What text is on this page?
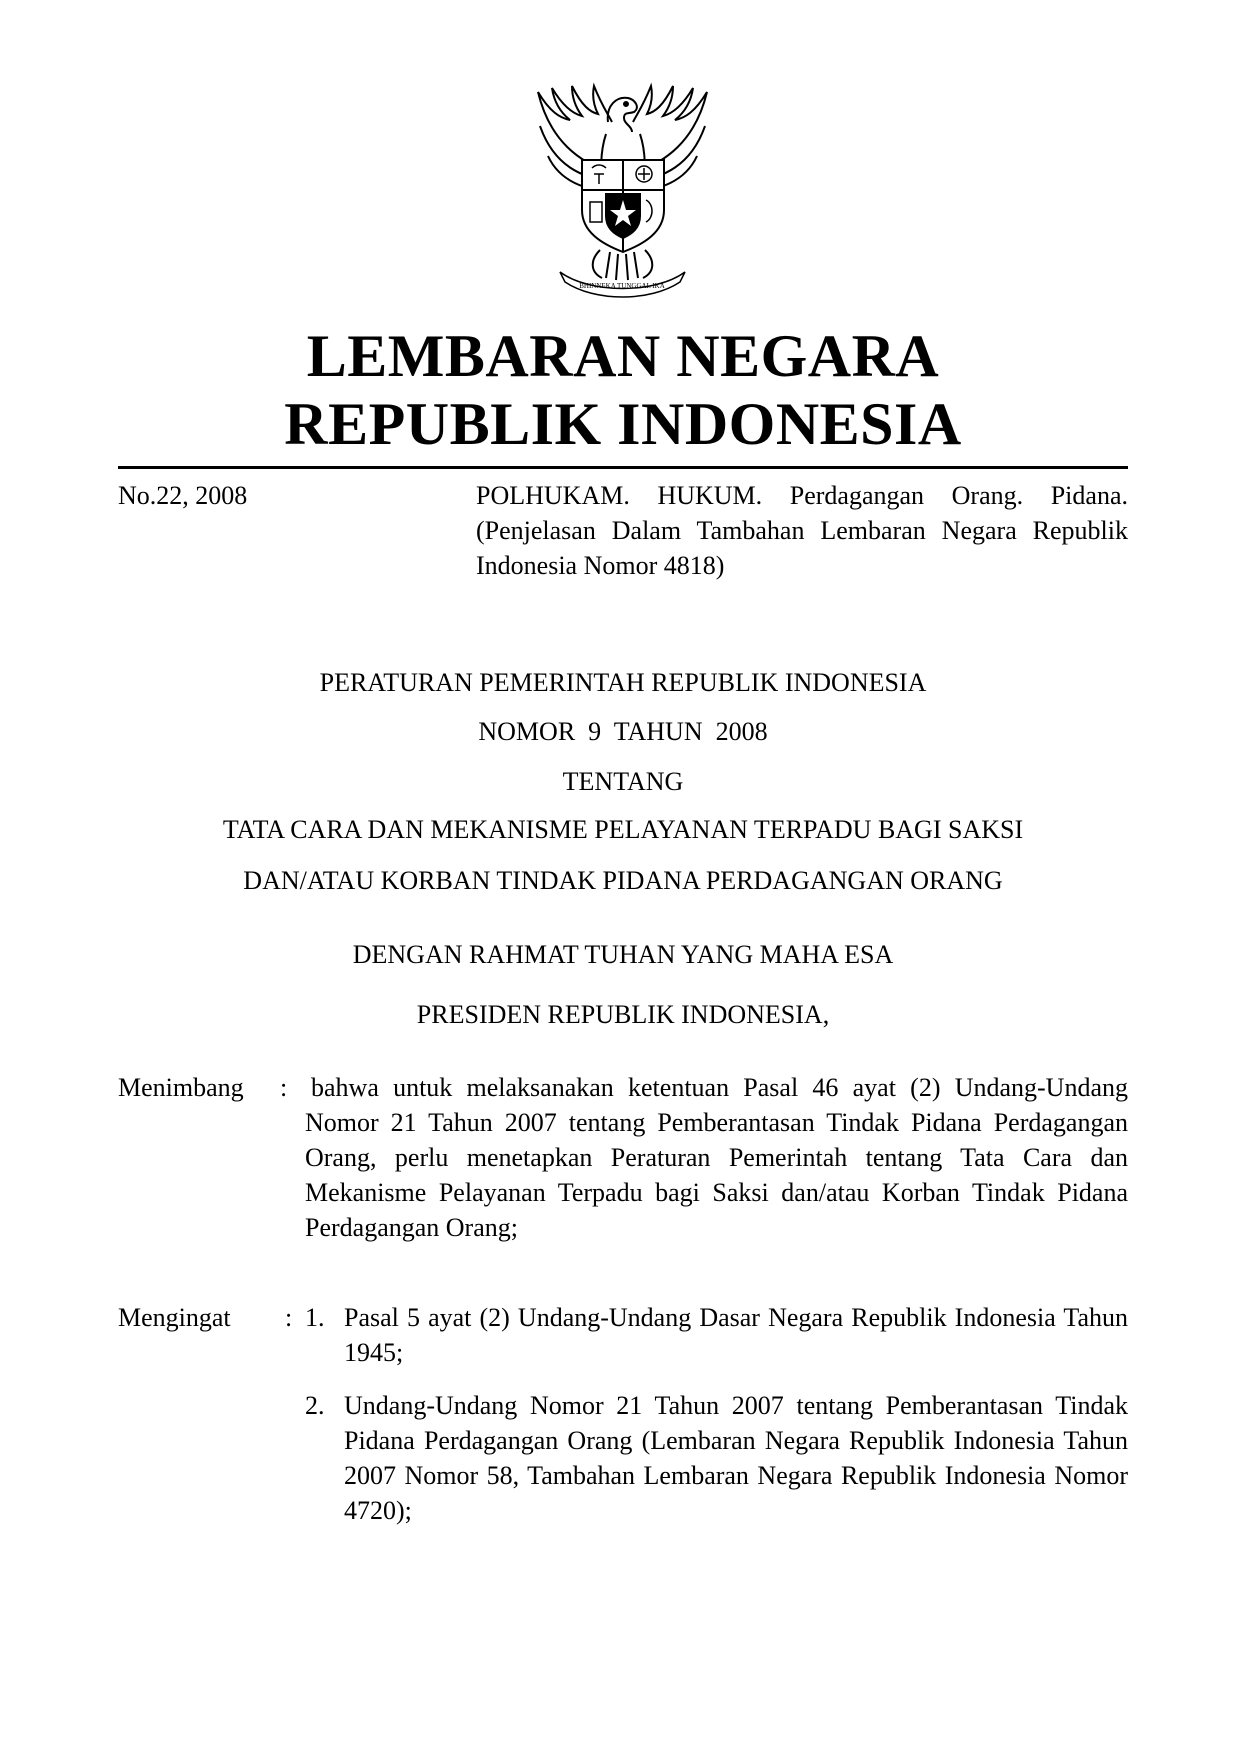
BHINNEKA TUNGGAL IKA
LEMBARAN NEGARA
REPUBLIK INDONESIA
No.22, 2008	POLHUKAM. HUKUM. Perdagangan Orang. Pidana. (Penjelasan Dalam Tambahan Lembaran Negara Republik Indonesia Nomor 4818)
PERATURAN PEMERINTAH REPUBLIK INDONESIA
NOMOR  9  TAHUN  2008
TENTANG
TATA CARA DAN MEKANISME PELAYANAN TERPADU BAGI SAKSI
DAN/ATAU KORBAN TINDAK PIDANA PERDAGANGAN ORANG
DENGAN RAHMAT TUHAN YANG MAHA ESA
PRESIDEN REPUBLIK INDONESIA,
Menimbang : bahwa untuk melaksanakan ketentuan Pasal 46 ayat (2) Undang-Undang Nomor 21 Tahun 2007 tentang Pemberantasan Tindak Pidana Perdagangan Orang, perlu menetapkan Peraturan Pemerintah tentang Tata Cara dan Mekanisme Pelayanan Terpadu bagi Saksi dan/atau Korban Tindak Pidana Perdagangan Orang;
Mengingat : 1. Pasal 5 ayat (2) Undang-Undang Dasar Negara Republik Indonesia Tahun 1945;
2. Undang-Undang Nomor 21 Tahun 2007 tentang Pemberantasan Tindak Pidana Perdagangan Orang (Lembaran Negara Republik Indonesia Tahun 2007 Nomor 58, Tambahan Lembaran Negara Republik Indonesia Nomor 4720);
